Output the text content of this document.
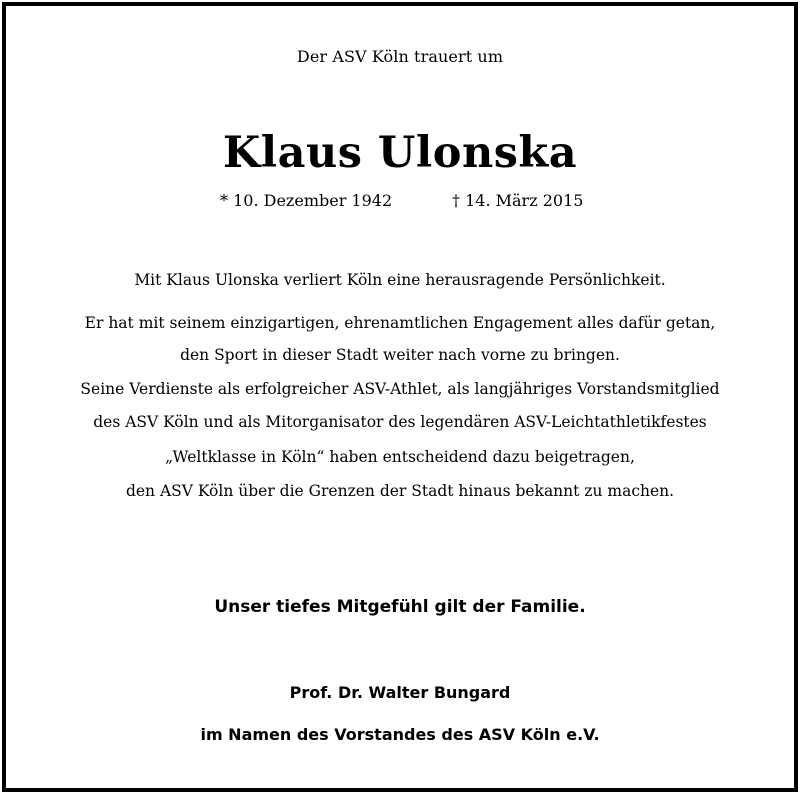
Der ASV Köln trauert um
Klaus Ulonska
* 10. Dezember 1942	† 14. März 2015
Mit Klaus Ulonska verliert Köln eine herausragende Persönlichkeit.
Er hat mit seinem einzigartigen, ehrenamtlichen Engagement alles dafür getan,
den Sport in dieser Stadt weiter nach vorne zu bringen.
Seine Verdienste als erfolgreicher ASV-Athlet, als langjähriges Vorstandsmitglied
des ASV Köln und als Mitorganisator des legendären ASV-Leichtathletikfestes
„Weltklasse in Köln“ haben entscheidend dazu beigetragen,
den ASV Köln über die Grenzen der Stadt hinaus bekannt zu machen.
Unser tiefes Mitgefühl gilt der Familie.
Prof. Dr. Walter Bungard
im Namen des Vorstandes des ASV Köln e.V.
